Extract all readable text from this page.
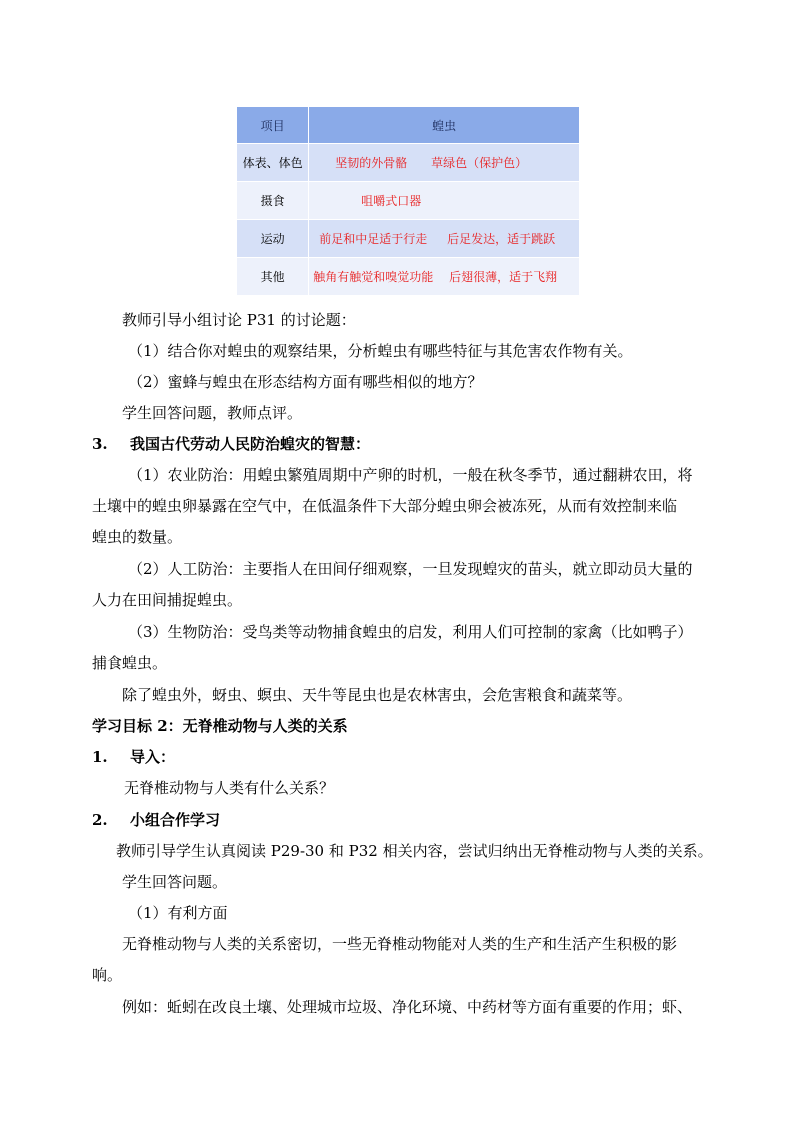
项目	蝗虫
体表、体色	坚韧的外骨骼 草绿色（保护色）
摄食	咀嚼式口器
运动	前足和中足适于行走 后足发达，适于跳跃
其他	触角有触觉和嗅觉功能 后翅很薄，适于飞翔
教师引导小组讨论 P31 的讨论题：
（1）结合你对蝗虫的观察结果，分析蝗虫有哪些特征与其危害农作物有关。
（2）蜜蜂与蝗虫在形态结构方面有哪些相似的地方？
学生回答问题，教师点评。
3. 我国古代劳动人民防治蝗灾的智慧：
（1）农业防治：用蝗虫繁殖周期中产卵的时机，一般在秋冬季节，通过翻耕农田，将
土壤中的蝗虫卵暴露在空气中，在低温条件下大部分蝗虫卵会被冻死，从而有效控制来临
蝗虫的数量。
（2）人工防治：主要指人在田间仔细观察，一旦发现蝗灾的苗头，就立即动员大量的
人力在田间捕捉蝗虫。
（3）生物防治：受鸟类等动物捕食蝗虫的启发，利用人们可控制的家禽（比如鸭子）
捕食蝗虫。
除了蝗虫外，蚜虫、螟虫、天牛等昆虫也是农林害虫，会危害粮食和蔬菜等。
学习目标 2：无脊椎动物与人类的关系
1. 导入：
无脊椎动物与人类有什么关系？
2. 小组合作学习
教师引导学生认真阅读 P29-30 和 P32 相关内容，尝试归纳出无脊椎动物与人类的关系。
学生回答问题。
（1）有利方面
无脊椎动物与人类的关系密切，一些无脊椎动物能对人类的生产和生活产生积极的影
响。
例如：蚯蚓在改良土壤、处理城市垃圾、净化环境、中药材等方面有重要的作用；虾、
